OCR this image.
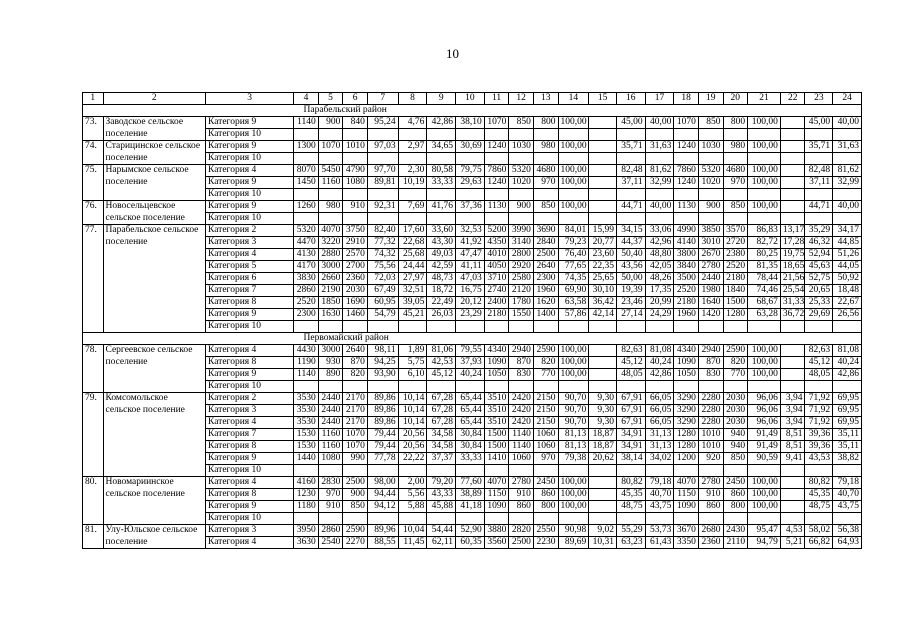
10
1	2	3	4	5	6	7	8	9	10	11	12	13	14	15	16	17	18	19	20	21	22	23	24
		Парабельский район																					
73.	Заводское сельское поселение	Категория 9	1140	900	840	95,24	4,76	42,86	38,10	1070	850	800	100,00		45,00	40,00	1070	850	800	100,00		45,00	40,00
		Категория 10																					
74.	Старицинское сельское поселение	Категория 9	1300	1070	1010	97,03	2,97	34,65	30,69	1240	1030	980	100,00		35,71	31,63	1240	1030	980	100,00		35,71	31,63
		Категория 10																					
75.	Нарымское сельское поселение	Категория 4	8070	5450	4790	97,70	2,30	80,58	79,75	7860	5320	4680	100,00		82,48	81,62	7860	5320	4680	100,00		82,48	81,62
		Категория 9	1450	1160	1080	89,81	10,19	33,33	29,63	1240	1020	970	100,00		37,11	32,99	1240	1020	970	100,00		37,11	32,99
		Категория 10																					
76.	Новосельцевское сельское поселение	Категория 9	1260	980	910	92,31	7,69	41,76	37,36	1130	900	850	100,00		44,71	40,00	1130	900	850	100,00		44,71	40,00
		Категория 10																					
77.	Парабельское сельское поселение	Категория 2	5320	4070	3750	82,40	17,60	33,60	32,53	5200	3990	3690	84,01	15,99	34,15	33,06	4990	3850	3570	86,83	13,17	35,29	34,17
		Категория 3	4470	3220	2910	77,32	22,68	43,30	41,92	4350	3140	2840	79,23	20,77	44,37	42,96	4140	3010	2720	82,72	17,28	46,32	44,85
		Категория 4	4130	2880	2570	74,32	25,68	49,03	47,47	4010	2800	2500	76,40	23,60	50,40	48,80	3800	2670	2380	80,25	19,75	52,94	51,26
		Категория 5	4170	3000	2700	75,56	24,44	42,59	41,11	4050	2920	2640	77,65	22,35	43,56	42,05	3840	2780	2520	81,35	18,65	45,63	44,05
		Категория 6	3830	2660	2360	72,03	27,97	48,73	47,03	3710	2580	2300	74,35	25,65	50,00	48,26	3500	2440	2180	78,44	21,56	52,75	50,92
		Категория 7	2860	2190	2030	67,49	32,51	18,72	16,75	2740	2120	1960	69,90	30,10	19,39	17,35	2520	1980	1840	74,46	25,54	20,65	18,48
		Категория 8	2520	1850	1690	60,95	39,05	22,49	20,12	2400	1780	1620	63,58	36,42	23,46	20,99	2180	1640	1500	68,67	31,33	25,33	22,67
		Категория 9	2300	1630	1460	54,79	45,21	26,03	23,29	2180	1550	1400	57,86	42,14	27,14	24,29	1960	1420	1280	63,28	36,72	29,69	26,56
		Категория 10																					
		Первомайский район																					
78.	Сергеевское сельское поселение	Категория 4	4430	3000	2640	98,11	1,89	81,06	79,55	4340	2940	2590	100,00		82,63	81,08	4340	2940	2590	100,00		82,63	81,08
		Категория 8	1190	930	870	94,25	5,75	42,53	37,93	1090	870	820	100,00		45,12	40,24	1090	870	820	100,00		45,12	40,24
		Категория 9	1140	890	820	93,90	6,10	45,12	40,24	1050	830	770	100,00		48,05	42,86	1050	830	770	100,00		48,05	42,86
		Категория 10																					
79.	Комсомольское сельское поселение	Категория 2	3530	2440	2170	89,86	10,14	67,28	65,44	3510	2420	2150	90,70	9,30	67,91	66,05	3290	2280	2030	96,06	3,94	71,92	69,95
		Категория 3	3530	2440	2170	89,86	10,14	67,28	65,44	3510	2420	2150	90,70	9,30	67,91	66,05	3290	2280	2030	96,06	3,94	71,92	69,95
		Категория 4	3530	2440	2170	89,86	10,14	67,28	65,44	3510	2420	2150	90,70	9,30	67,91	66,05	3290	2280	2030	96,06	3,94	71,92	69,95
		Категория 7	1530	1160	1070	79,44	20,56	34,58	30,84	1500	1140	1060	81,13	18,87	34,91	31,13	1280	1010	940	91,49	8,51	39,36	35,11
		Категория 8	1530	1160	1070	79,44	20,56	34,58	30,84	1500	1140	1060	81,13	18,87	34,91	31,13	1280	1010	940	91,49	8,51	39,36	35,11
		Категория 9	1440	1080	990	77,78	22,22	37,37	33,33	1410	1060	970	79,38	20,62	38,14	34,02	1200	920	850	90,59	9,41	43,53	38,82
		Категория 10																					
80.	Новомариинское сельское поселение	Категория 4	4160	2830	2500	98,00	2,00	79,20	77,60	4070	2780	2450	100,00		80,82	79,18	4070	2780	2450	100,00		80,82	79,18
		Категория 8	1230	970	900	94,44	5,56	43,33	38,89	1150	910	860	100,00		45,35	40,70	1150	910	860	100,00		45,35	40,70
		Категория 9	1180	910	850	94,12	5,88	45,88	41,18	1090	860	800	100,00		48,75	43,75	1090	860	800	100,00		48,75	43,75
		Категория 10																					
81.	Улу-Юльское сельское поселение	Категория 3	3950	2860	2590	89,96	10,04	54,44	52,90	3880	2820	2550	90,98	9,02	55,29	53,73	3670	2680	2430	95,47	4,53	58,02	56,38
		Категория 4	3630	2540	2270	88,55	11,45	62,11	60,35	3560	2500	2230	89,69	10,31	63,23	61,43	3350	2360	2110	94,79	5,21	66,82	64,93
